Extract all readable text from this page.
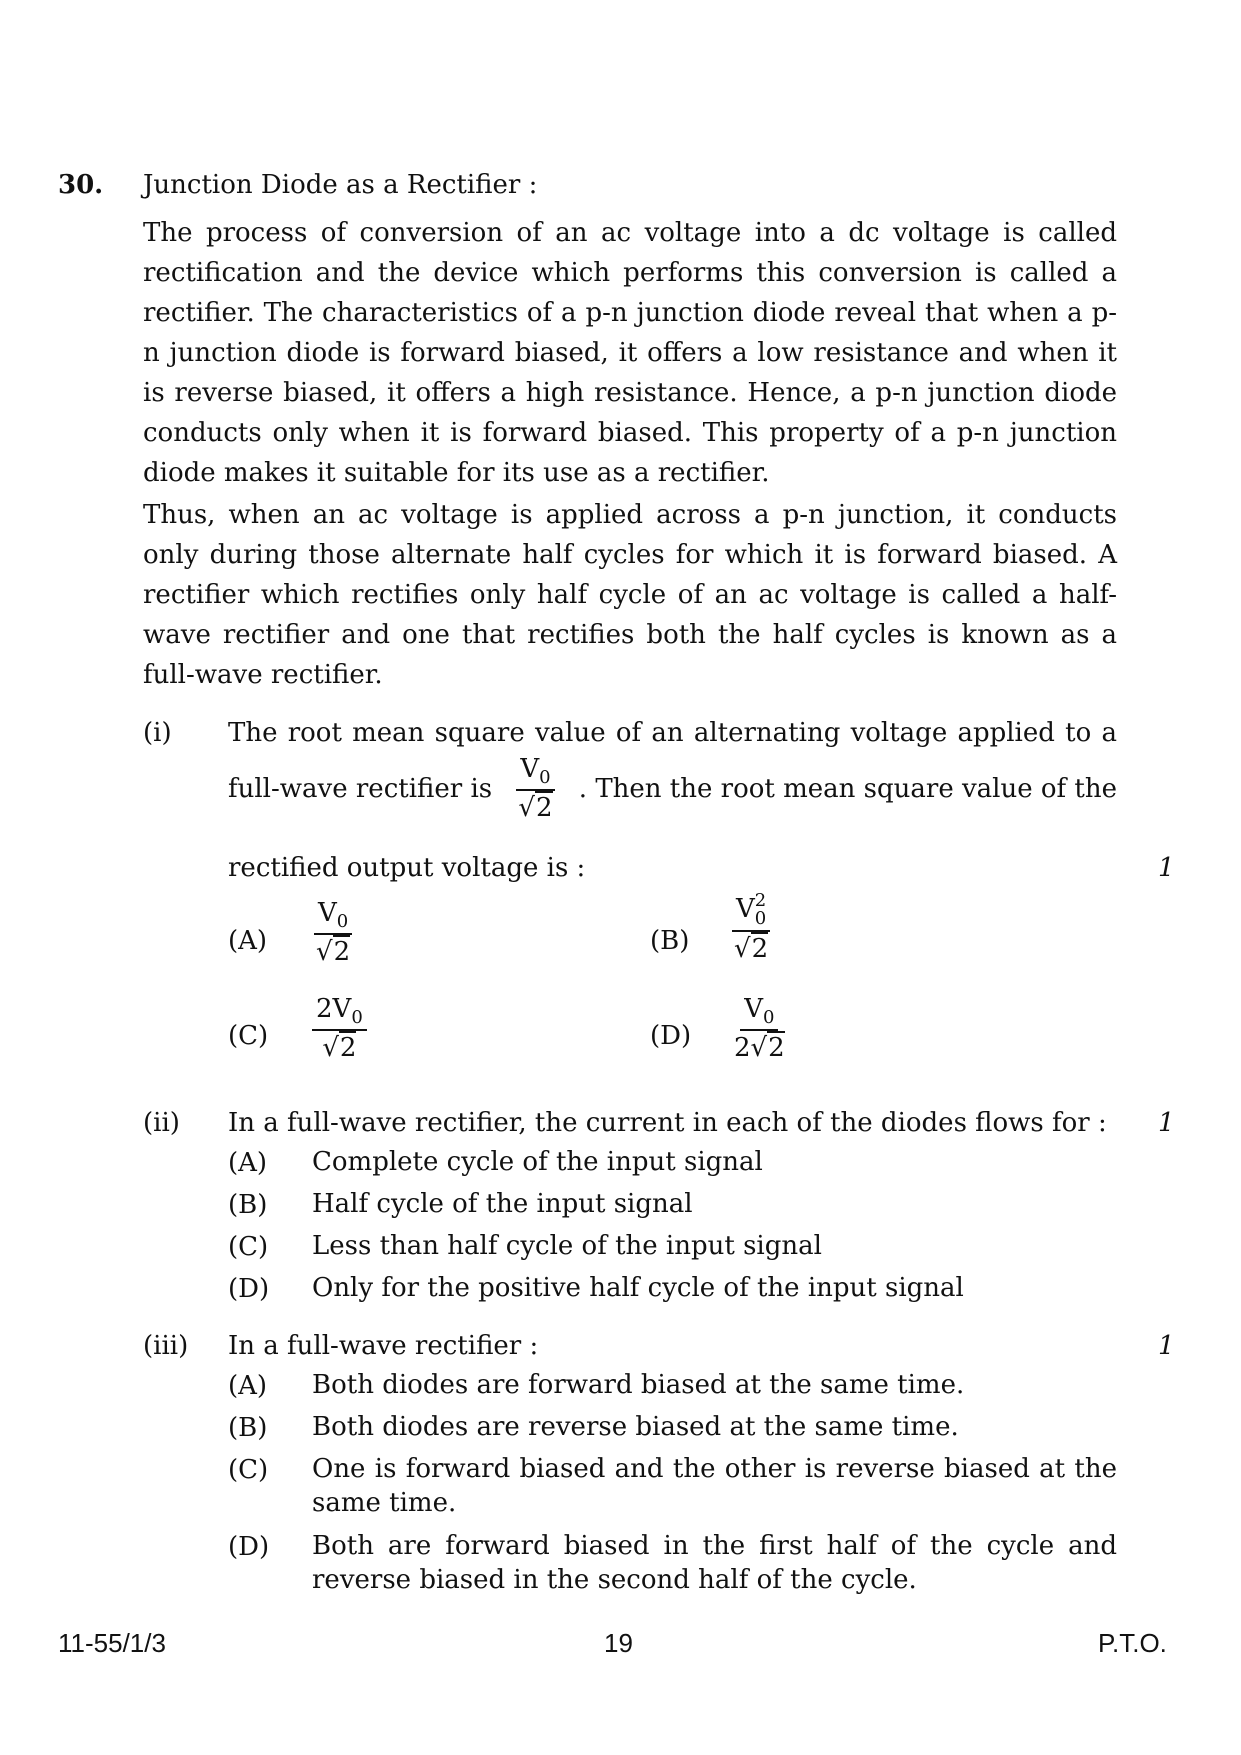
30. Junction Diode as a Rectifier :
The process of conversion of an ac voltage into a dc voltage is called rectification and the device which performs this conversion is called a rectifier. The characteristics of a p-n junction diode reveal that when a p-n junction diode is forward biased, it offers a low resistance and when it is reverse biased, it offers a high resistance. Hence, a p-n junction diode conducts only when it is forward biased. This property of a p-n junction diode makes it suitable for its use as a rectifier.
Thus, when an ac voltage is applied across a p-n junction, it conducts only during those alternate half cycles for which it is forward biased. A rectifier which rectifies only half cycle of an ac voltage is called a half-wave rectifier and one that rectifies both the half cycles is known as a full-wave rectifier.
(i) The root mean square value of an alternating voltage applied to a
full-wave rectifier is $\frac{V_0}{√2}$ . Then the root mean square value of the
rectified output voltage is :	1
$(A) \frac{V_0}{√2}$	(B) V 2
0
√2
$(C) \frac{2V_0}{√2}$	$(D) \frac{V_0}{2√2}$
(ii) In a full-wave rectifier, the current in each of the diodes flows for : 1
(A) Complete cycle of the input signal
(B) Half cycle of the input signal
(C) Less than half cycle of the input signal
(D) Only for the positive half cycle of the input signal
(iii) In a full-wave rectifier :	1
(A) Both diodes are forward biased at the same time.
(B) Both diodes are reverse biased at the same time.
(C) One is forward biased and the other is reverse biased at the same time.
(D) Both are forward biased in the first half of the cycle and reverse biased in the second half of the cycle.
11-55/1/3	19	P.T.O.
